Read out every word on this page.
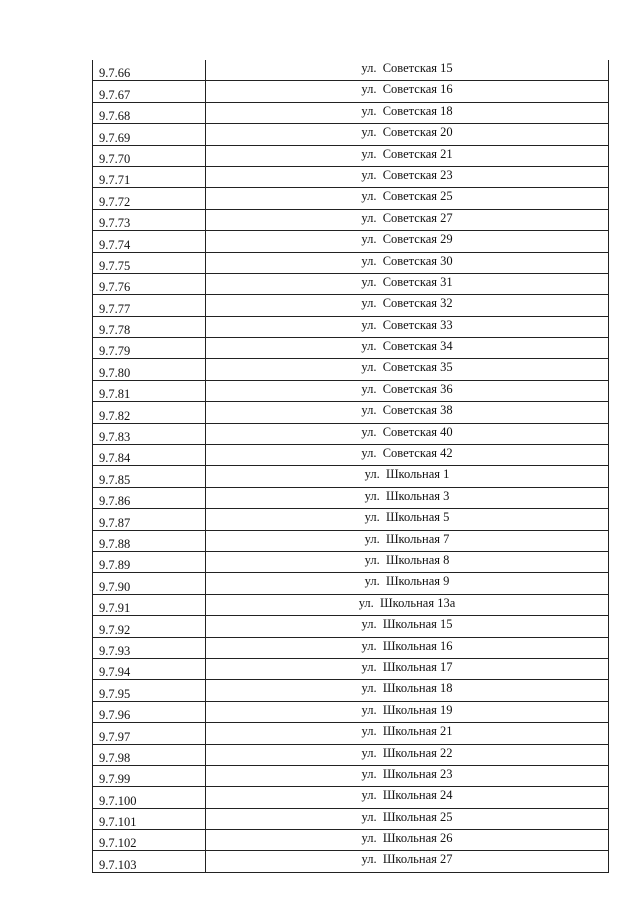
9.7.66	ул.  Советская 15
9.7.67	ул.  Советская 16
9.7.68	ул.  Советская 18
9.7.69	ул.  Советская 20
9.7.70	ул.  Советская 21
9.7.71	ул.  Советская 23
9.7.72	ул.  Советская 25
9.7.73	ул.  Советская 27
9.7.74	ул.  Советская 29
9.7.75	ул.  Советская 30
9.7.76	ул.  Советская 31
9.7.77	ул.  Советская 32
9.7.78	ул.  Советская 33
9.7.79	ул.  Советская 34
9.7.80	ул.  Советская 35
9.7.81	ул.  Советская 36
9.7.82	ул.  Советская 38
9.7.83	ул.  Советская 40
9.7.84	ул.  Советская 42
9.7.85	ул.  Школьная 1
9.7.86	ул.  Школьная 3
9.7.87	ул.  Школьная 5
9.7.88	ул.  Школьная 7
9.7.89	ул.  Школьная 8
9.7.90	ул.  Школьная 9
9.7.91	ул.  Школьная 13а
9.7.92	ул.  Школьная 15
9.7.93	ул.  Школьная 16
9.7.94	ул.  Школьная 17
9.7.95	ул.  Школьная 18
9.7.96	ул.  Школьная 19
9.7.97	ул.  Школьная 21
9.7.98	ул.  Школьная 22
9.7.99	ул.  Школьная 23
9.7.100	ул.  Школьная 24
9.7.101	ул.  Школьная 25
9.7.102	ул.  Школьная 26
9.7.103	ул.  Школьная 27
